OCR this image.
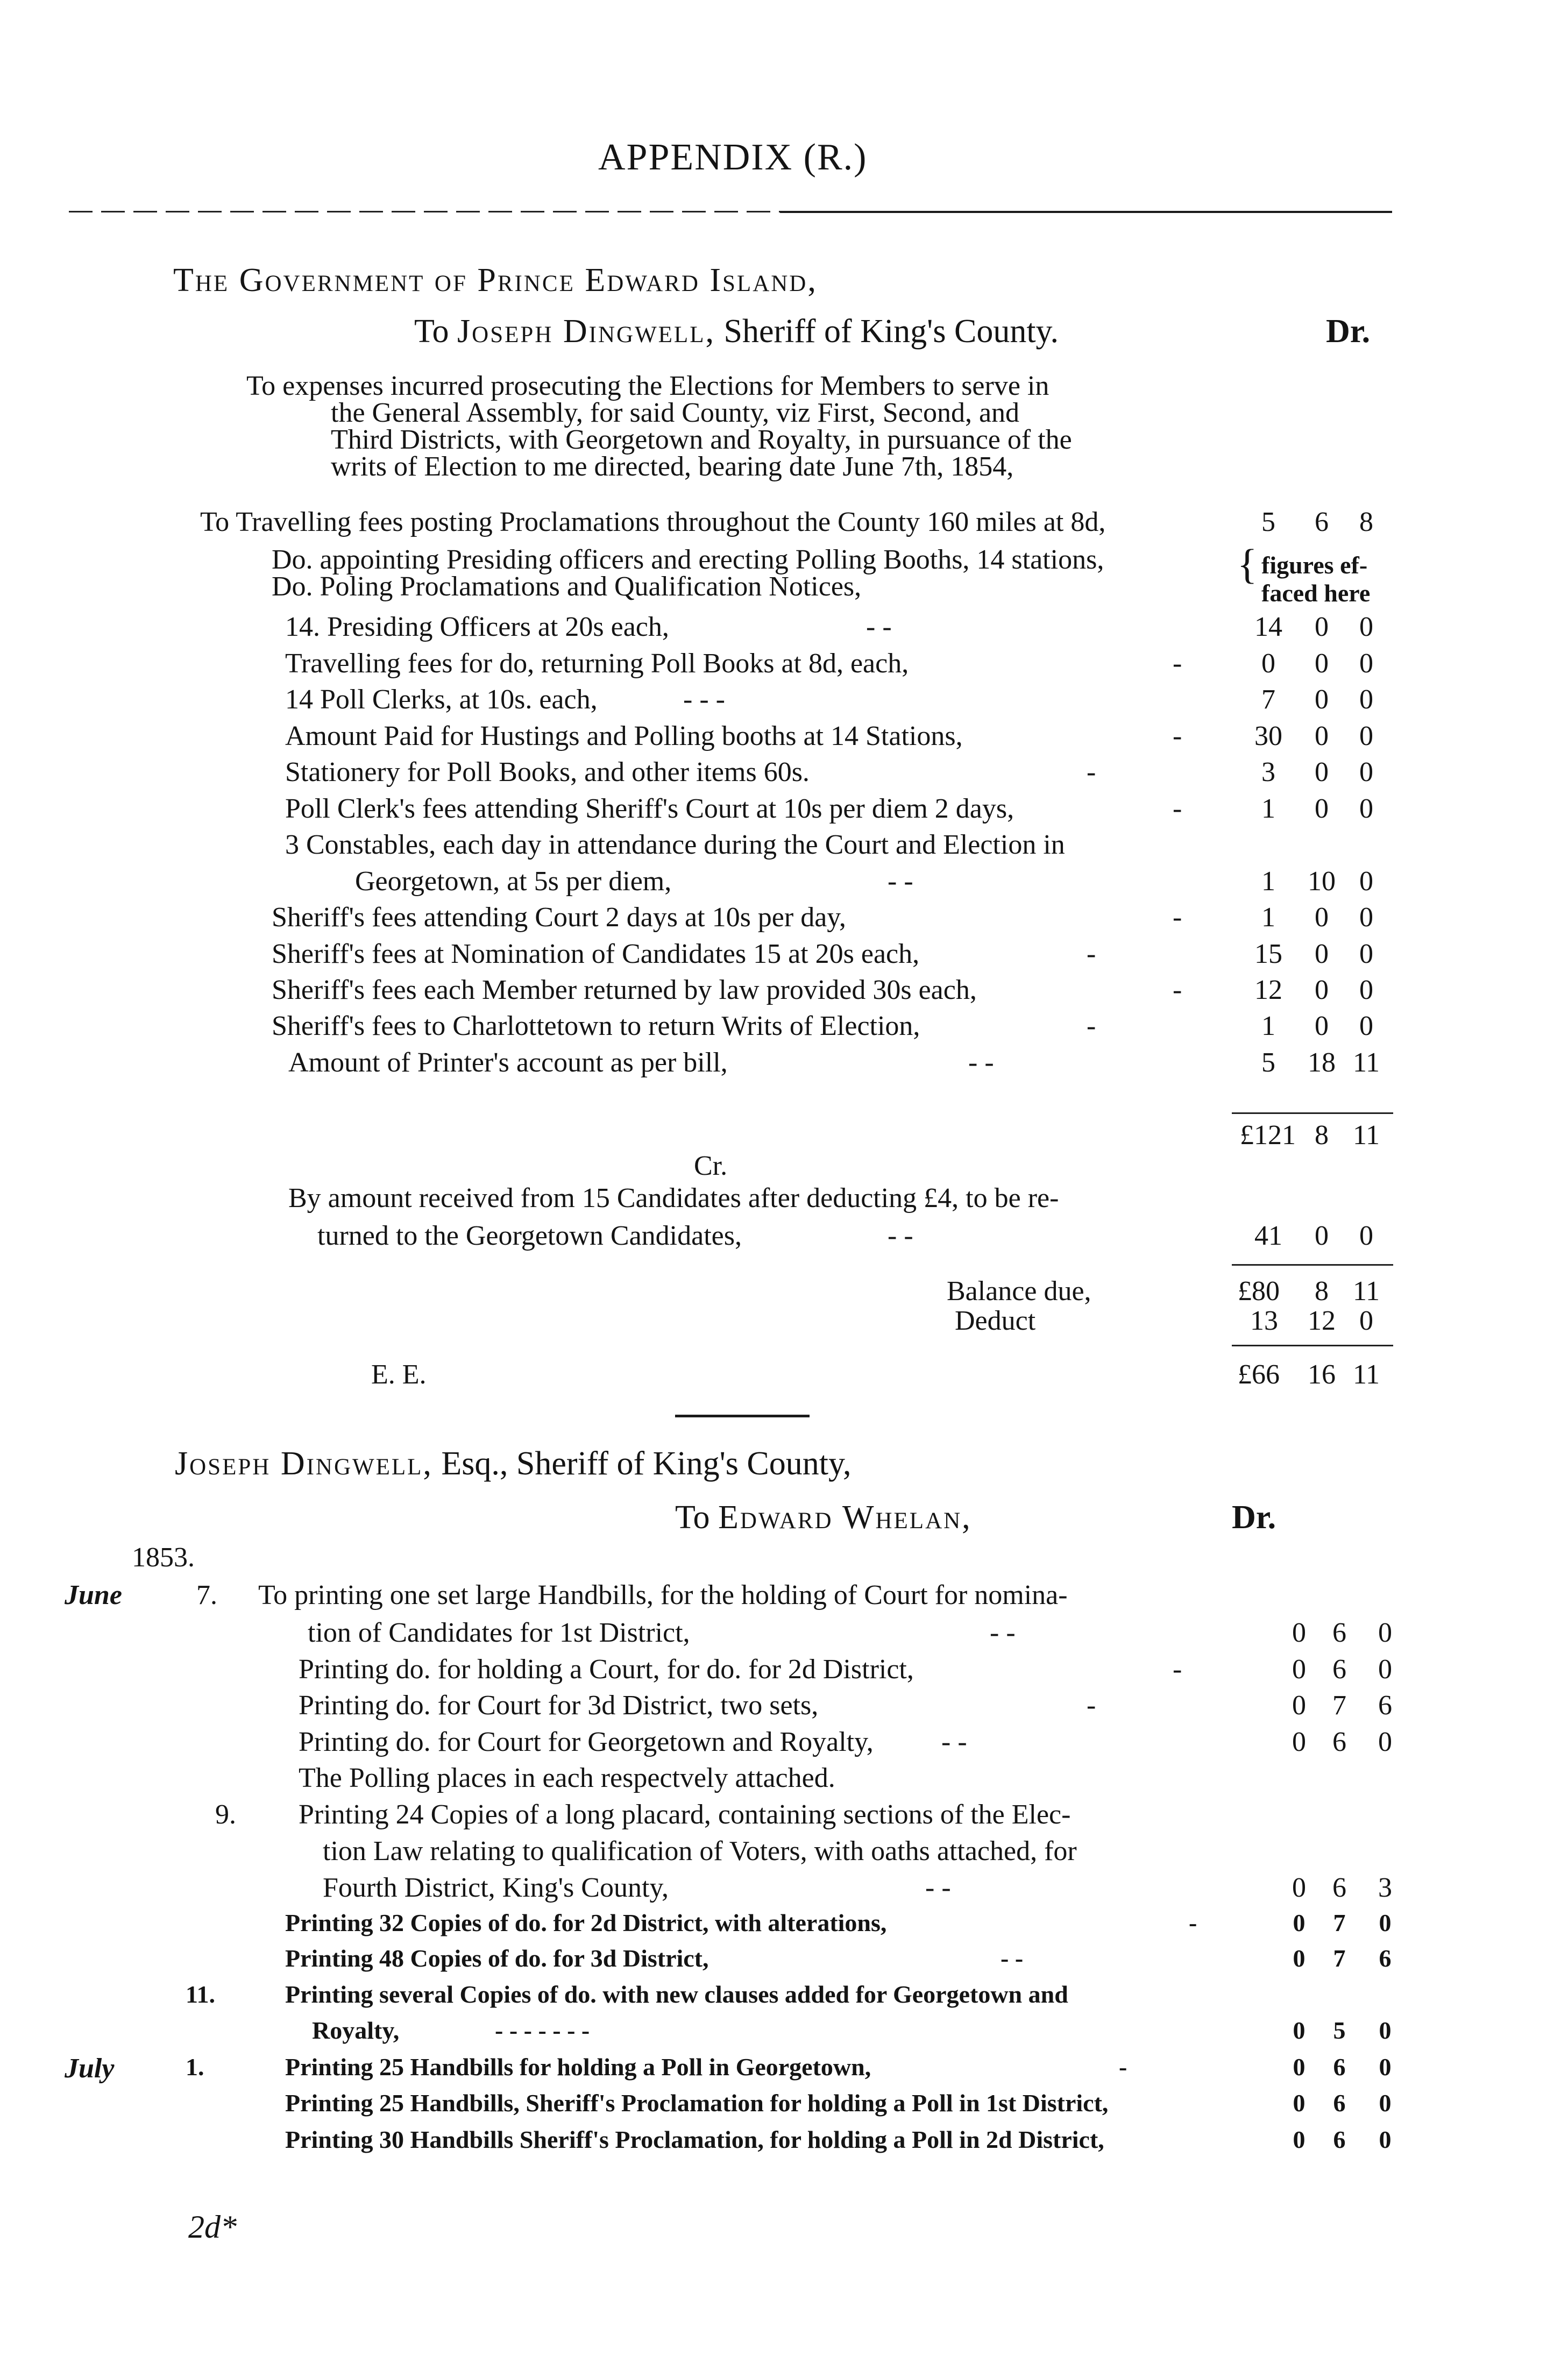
APPENDIX (R.)
The Government of Prince Edward Island,
To Joseph Dingwell, Sheriff of King's County.	Dr.
To expenses incurred prosecuting the Elections for Members to serve in
the General Assembly, for said County, viz First, Second, and
Third Districts, with Georgetown and Royalty, in pursuance of the
writs of Election to me directed, bearing date June 7th, 1854,
To Travelling fees posting Proclamations throughout the County 160 miles at 8d,	5	6	8
Do. appointing Presiding officers and erecting Polling Booths, 14 stations,
Do. Poling Proclamations and Qualification Notices,
14. Presiding Officers at 20s each,	- -	14	0	0
Travelling fees for do, returning Poll Books at 8d, each,	-	0	0	0
14 Poll Clerks, at 10s. each,	- - -	7	0	0
Amount Paid for Hustings and Polling booths at 14 Stations,	-	30	0	0
Stationery for Poll Books, and other items 60s.	-	3	0	0
Poll Clerk's fees attending Sheriff's Court at 10s per diem 2 days,	-	1	0	0
3 Constables, each day in attendance during the Court and Election in
Georgetown, at 5s per diem,	- -	1	10 0
Sheriff's fees attending Court 2 days at 10s per day,	-	1	0	0
Sheriff's fees at Nomination of Candidates 15 at 20s each,	-	15	0	0
Sheriff's fees each Member returned by law provided 30s each,	-	12	0	0
Sheriff's fees to Charlottetown to return Writs of Election,	-	1	0	0
Amount of Printer's account as per bill,	- -	5	18 11
{ figures ef-
faced here
£121 8 11
Cr.
By amount received from 15 Candidates after deducting £4, to be re-
turned to the Georgetown Candidates,	- -	41	0	0
Balance due,	£80	8 11
Deduct	13 12 0
E. E.	£66 16 11
Joseph Dingwell, Esq., Sheriff of King's County,
To Edward Whelan,	Dr.
1853.
June	7. To printing one set large Handbills, for the holding of Court for nomina-
tion of Candidates for 1st District,	- -	0 6	0
Printing do. for holding a Court, for do. for 2d District,	-	0 6	0
Printing do. for Court for 3d District, two sets,	-	0 7	6
Printing do. for Court for Georgetown and Royalty, - -	0 6	0
The Polling places in each respectvely attached.
9. Printing 24 Copies of a long placard, containing sections of the Elec-
tion Law relating to qualification of Voters, with oaths attached, for
Fourth District, King's County,	- -	0 6	3
Printing 32 Copies of do. for 2d District, with alterations,	-	0	7	0
Printing 48 Copies of do. for 3d District,	- -	0	7	6
11.	Printing several Copies of do. with new clauses added for Georgetown and
Royalty,	- - - - - - -	0	5	0
July	1.	Printing 25 Handbills for holding a Poll in Georgetown,	-	0	6	0
Printing 25 Handbills, Sheriff's Proclamation for holding a Poll in 1st District,	0	6	0
Printing 30 Handbills Sheriff's Proclamation, for holding a Poll in 2d District,	0	6	0
2d*
